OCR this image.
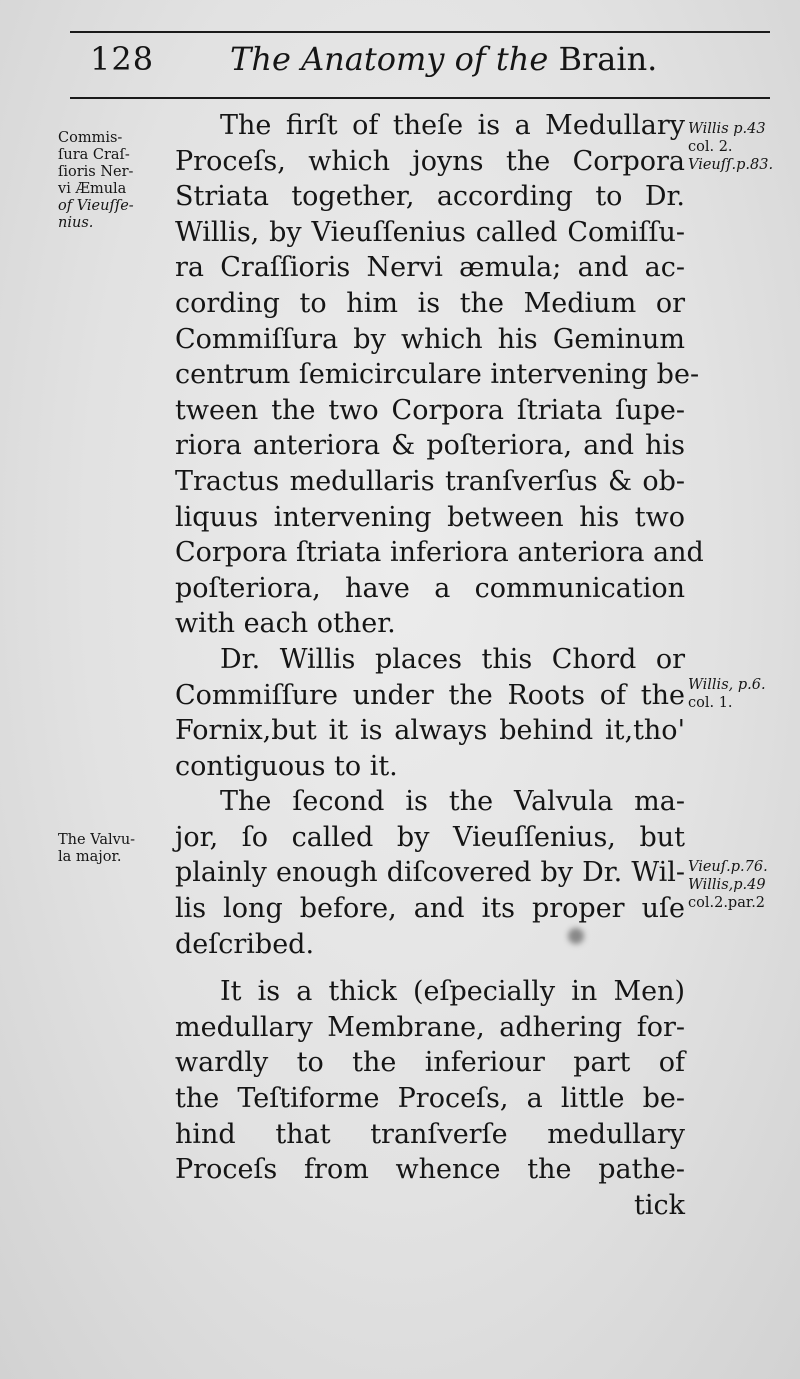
128 The Anatomy of the Brain.
Commis-
ſura Craſ-
ſioris Ner-
vi Æmula
of Vieuſſe-
nius.
The Valvu-
la major.
Willis p.43
col. 2.
Vieuſſ.p.83.
Willis, p.6.
col. 1.
Vieuſ.p.76.
Willis,p.49
col.2.par.2
The firſt of theſe is a Medullary
Proceſs, which joyns the Corpora
Striata together, according to Dr.
Willis, by Vieuſſenius called Comiſſu-
ra Craſſioris Nervi æmula; and ac-
cording to him is the Medium or
Commiſſura by which his Geminum
centrum ſemicirculare intervening be-
tween the two Corpora ſtriata ſupe-
riora anteriora & poſteriora, and his
Tractus medullaris tranſverſus & ob-
liquus intervening between his two
Corpora ſtriata inferiora anteriora and
poſteriora, have a communication
with each other.
Dr. Willis places this Chord or
Commiſſure under the Roots of the
Fornix,but it is always behind it,tho'
contiguous to it.
The ſecond is the Valvula ma-
jor, ſo called by Vieuſſenius, but
plainly enough diſcovered by Dr. Wil-
lis long before, and its proper uſe
deſcribed.
It is a thick (eſpecially in Men)
medullary Membrane, adhering for-
wardly to the inferiour part of
the Teſtiforme Proceſs, a little be-
hind that tranſverſe medullary
Proceſs from whence the pathe-
tick
